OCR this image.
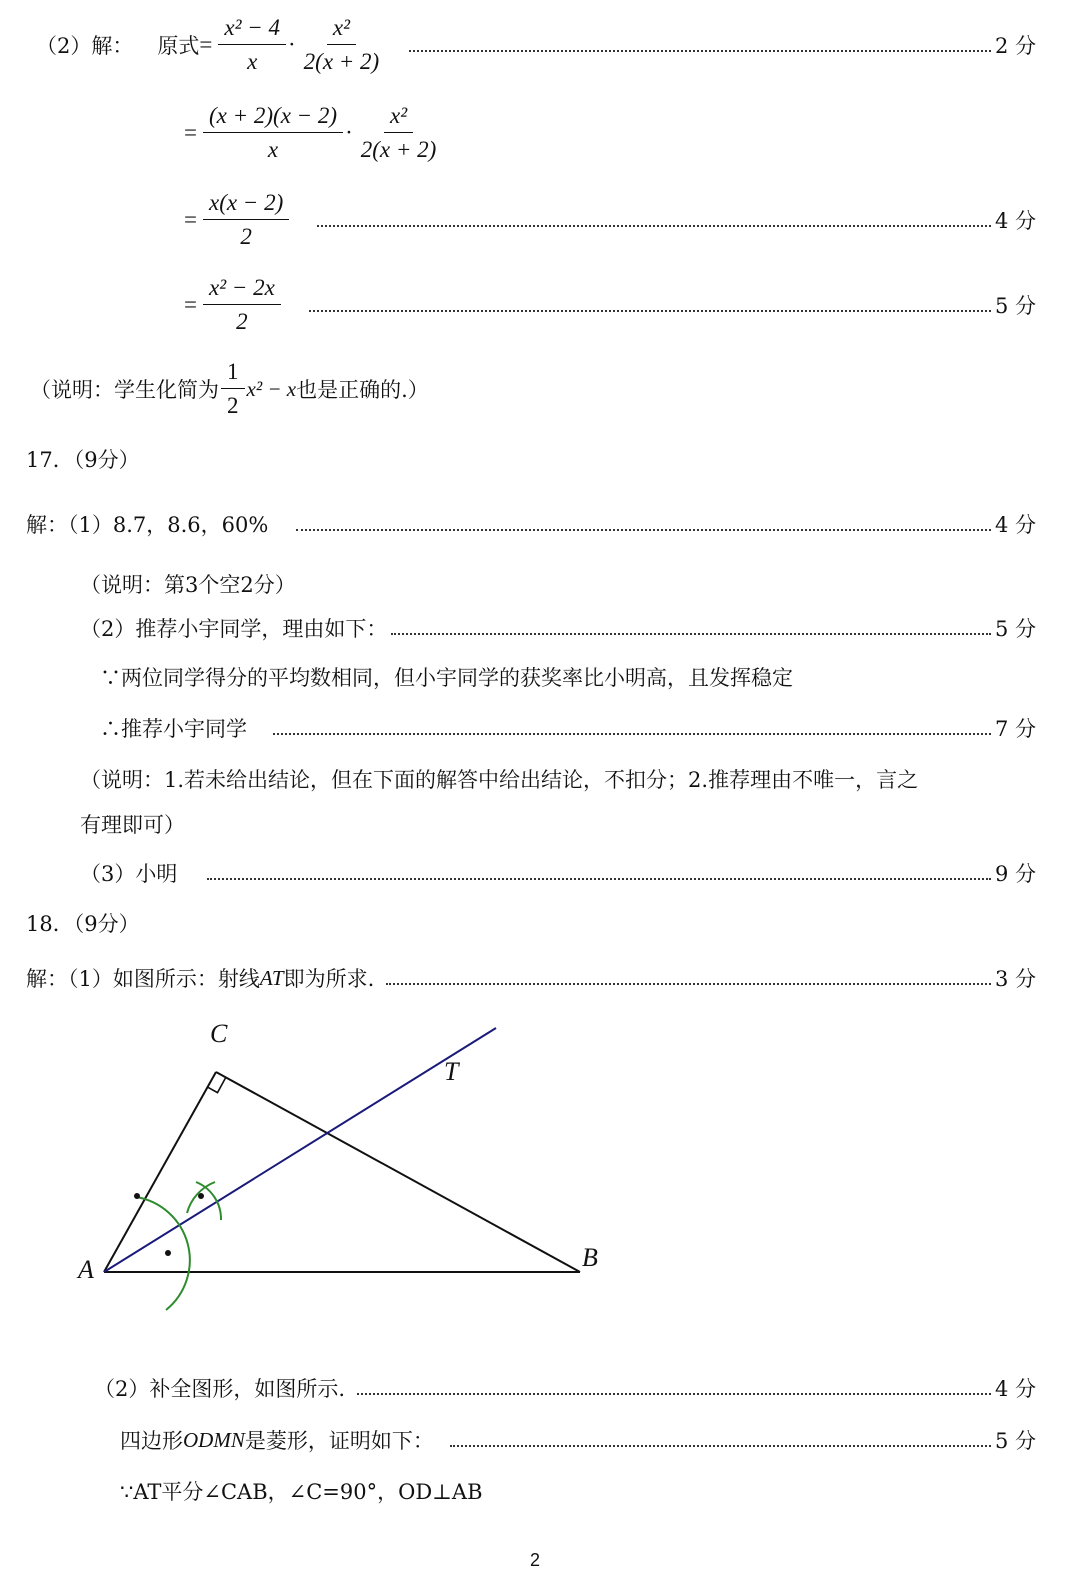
（2）解： 原式 = $\frac{\text{x² − 4}}{x} \cdot \frac{\text{x²}}{2(x + 2)}$	2 分
= $\frac{(x + 2)(x - 2)}{x} \cdot \frac{\text{x²}}{2(x + 2)}$
= $\frac{x(x - 2)}{2}$	4 分
= $\frac{\text{x² − 2x}}{2}$	5 分
（说明：学生化简为 $\frac{1}{2} x^2 - x$ 也是正确的.）
17．（9分）
解：（1）8.7，8.6，60%	4 分
（说明：第3个空2分）
（2）推荐小宇同学，理由如下：	5 分
∵两位同学得分的平均数相同，但小宇同学的获奖率比小明高，且发挥稳定
∴推荐小宇同学	7 分
（说明：1.若未给出结论，但在下面的解答中给出结论，不扣分；2.推荐理由不唯一，言之
有理即可）
（3）小明	9 分
18．（9分）
解：（1）如图所示：射线 AT 即为所求.	3 分
C
T
A	B
（2）补全图形，如图所示.	4 分
四边形 ODMN 是菱形，证明如下：	5 分
∵AT平分∠CAB，∠C=90°，OD⊥AB
2
